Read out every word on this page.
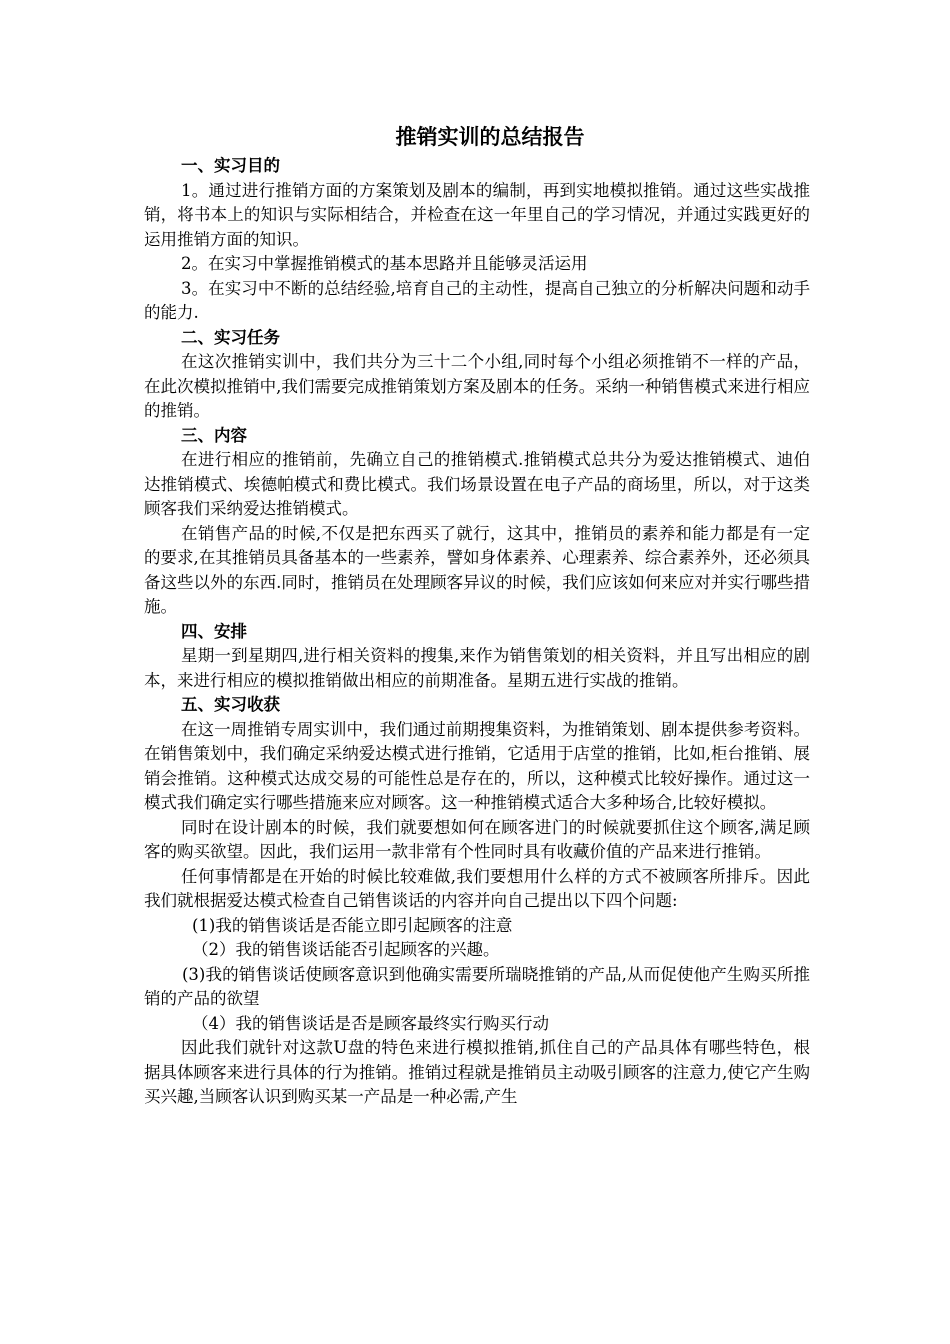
推销实训的总结报告
一、实习目的

1。通过进行推销方面的方案策划及剧本的编制，再到实地模拟推销。通过这些实战推销，将书本上的知识与实际相结合，并检查在这一年里自己的学习情况，并通过实践更好的运用推销方面的知识。

2。在实习中掌握推销模式的基本思路并且能够灵活运用

3。在实习中不断的总结经验,培育自己的主动性，提高自己独立的分析解决问题和动手的能力.

二、实习任务

在这次推销实训中，我们共分为三十二个小组,同时每个小组必须推销不一样的产品，在此次模拟推销中,我们需要完成推销策划方案及剧本的任务。采纳一种销售模式来进行相应的推销。

三、内容

在进行相应的推销前，先确立自己的推销模式.推销模式总共分为爱达推销模式、迪伯达推销模式、埃德帕模式和费比模式。我们场景设置在电子产品的商场里，所以，对于这类顾客我们采纳爱达推销模式。

在销售产品的时候,不仅是把东西买了就行，这其中，推销员的素养和能力都是有一定的要求,在其推销员具备基本的一些素养，譬如身体素养、心理素养、综合素养外，还必须具备这些以外的东西.同时，推销员在处理顾客异议的时候，我们应该如何来应对并实行哪些措施。

四、安排

星期一到星期四,进行相关资料的搜集,来作为销售策划的相关资料，并且写出相应的剧本，来进行相应的模拟推销做出相应的前期准备。星期五进行实战的推销。

五、实习收获

在这一周推销专周实训中，我们通过前期搜集资料，为推销策划、剧本提供参考资料。在销售策划中，我们确定采纳爱达模式进行推销，它适用于店堂的推销，比如,柜台推销、展销会推销。这种模式达成交易的可能性总是存在的，所以，这种模式比较好操作。通过这一模式我们确定实行哪些措施来应对顾客。这一种推销模式适合大多种场合,比较好模拟。

同时在设计剧本的时候，我们就要想如何在顾客进门的时候就要抓住这个顾客,满足顾客的购买欲望。因此，我们运用一款非常有个性同时具有收藏价值的产品来进行推销。

任何事情都是在开始的时候比较难做,我们要想用什么样的方式不被顾客所排斥。因此我们就根据爱达模式检查自己销售谈话的内容并向自己提出以下四个问题:

(1)我的销售谈话是否能立即引起顾客的注意

（2）我的销售谈话能否引起顾客的兴趣。

(3)我的销售谈话使顾客意识到他确实需要所瑞晓推销的产品,从而促使他产生购买所推销的产品的欲望

（4）我的销售谈话是否是顾客最终实行购买行动

因此我们就针对这款U盘的特色来进行模拟推销,抓住自己的产品具体有哪些特色，根据具体顾客来进行具体的行为推销。推销过程就是推销员主动吸引顾客的注意力,使它产生购买兴趣,当顾客认识到购买某一产品是一种必需,产生
